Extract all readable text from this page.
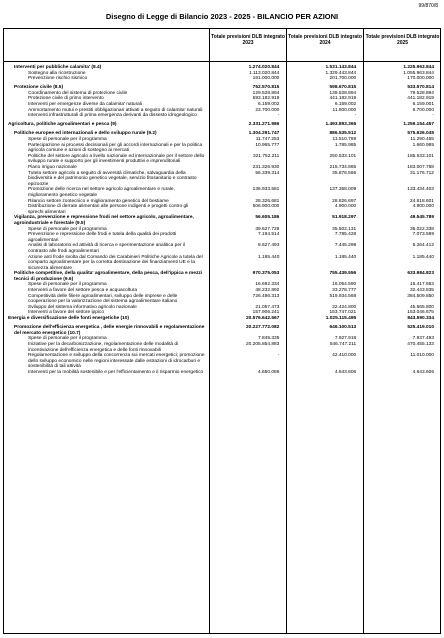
99/870/8
Disegno di Legge di Bilancio 2023 - 2025 - BILANCIO PER AZIONI
Totale previsioni DLB integrato 2023
Totale previsioni DLB integrato 2024
Totale previsioni DLB integrato 2025
Interventi per pubbliche calamita' (8.4)	1.274.020.844	1.531.143.844	1.225.963.844
Sostegno alla ricostruzione	1.113.020.844	1.329.443.844	1.055.963.844
Prevenzione rischio sismico	161.000.000	201.700.000	170.000.000
Protezione civile (8.5)	752.570.815	598.670.815	533.570.814
Coordinamento del sistema di protezione civile	129.528.894	139.528.894	79.528.894
Protezione civile di primo intervento	593.182.919	441.182.919	441.182.919
Interventi per emergenze diverse da calamita' naturali	6.159.002	6.159.002	6.159.001
Ammortamento mutui e prestiti obbligazionari attivati a seguito di calamita' naturali	23.700.000	11.800.000	6.700.000
Interventi infrastrutturali di prima emergenza derivanti da dissesto idrogeologico	-	-	-
Agricoltura, politiche agroalimentari e pesca (9)	2.331.271.986	1.493.893.365	1.259.154.457
Politiche europee ed internazionali e dello sviluppo rurale (9.2)	1.304.291.747	886.535.512	575.626.045
Spese di personale per il programma	11.747.253	11.510.769	11.290.455
Partecipazione ai processi decisionali per gli accordi internazionali e per la politica agricola comune e azioni di sostegno ai mercati
10.965.777	1.785.985	1.660.985
Politiche del settore agricolo a livello nazionale ed internazionale per il settore dello sviluppo rurale e supporto per gli investimenti produttivi e imprenditoriali
321.752.211	250.533.101	185.533.101
Piano irriguo nazionale	231.326.930	215.734.865	183.007.768
Tutela settore agricolo a seguito di avversità climatiche, salvaguardia della biodiversità e del patrimonio genetico vegetale, servizio fitosanitario e contrasto epizoozie
56.339.314	35.876.566	31.176.712
Promozione delle ricerca nel settore agricolo agroalimentare e rurale, miglioramento genetico vegetale
136.933.581	137.358.009	133.434.403
Rilancio settore zootecnico e miglioramento genetico del bestiame	28.326.681	28.826.697	24.618.601
Distribuzione di derrate alimentari alle persone indigenti e progetti contro gli sprechi alimentari
506.900.000	4.900.000	4.900.000
Vigilanza, prevenzione e repressione frodi nel settore agricolo, agroalimentare, agroindustriale e forestale (9.5)
56.605.186	51.918.297	49.545.789
Spese di personale per il programma	39.627.729	35.502.131	36.022.338
Prevenzione e repressione delle frodi e tutela della qualità dei prodotti agroalimentari
7.194.514	7.785.428	7.073.599
Analisi di laboratorio ed attività di ricerca e sperimentazione analitica per il contrasto alle frodi agroalimentari
8.627.493	7.445.298	5.264.412
Azione anti frode svolta dal Comando dei Carabinieri Politiche Agricole a tutela del comparto agroalimentare per la corretta destinazione dei finanziamenti UE e la sicurezza alimentare
1.185.440	1.185.440	1.185.440
Politiche competitive, della qualita' agroalimentare, della pesca, dell'ippica e mezzi tecnici di produzione (9.6)
970.375.053	755.439.556	633.984.823
Spese di personale per il programma	16.692.334	16.054.590	15.417.663
Interventi a favore del settore pesca e acquacoltura	48.232.892	33.278.777	32.443.835
Competitività delle filiere agroalimentari, sviluppo delle imprese e delle cooperazione per la valorizzazione del sistema agroalimentare italiano
726.486.313	519.934.568	384.509.850
Sviluppo del sistema informativo agricolo nazionale	21.057.473	32.424.800	45.565.800
Interventi a favore del settore ippico	157.906.241	153.747.021	153.046.675
Energia e diversificazione delle fonti energetiche (10)	20.576.642.567	1.025.115.495	843.590.334
Promozione dell'efficienza energetica , delle energie rinnovabili e regolamentazione del mercato energetico (10.7)
20.227.772.082	646.100.513	525.419.010
Spese di personale per il programma	7.845.335	7.927.918	7.937.493
Iniziative per la decarbonizzazione, regolamentazione delle modalità di incentivazione dell'efficienza energetica e delle fonti rinnovabili
20.205.854.883	546.747.211	470.455.133
Regolamentazione e sviluppo della concorrenza sui mercati energetici; promozione dello sviluppo economico nelle regioni interessate dalle estrazioni di idrocarburi e sostenibilità di tali attività
-	42.410.000	11.010.000
Interventi per la mobilità sostenibile e per l'efficientamento e il risparmio energetico	4.650.086	4.643.606	4.643.606
